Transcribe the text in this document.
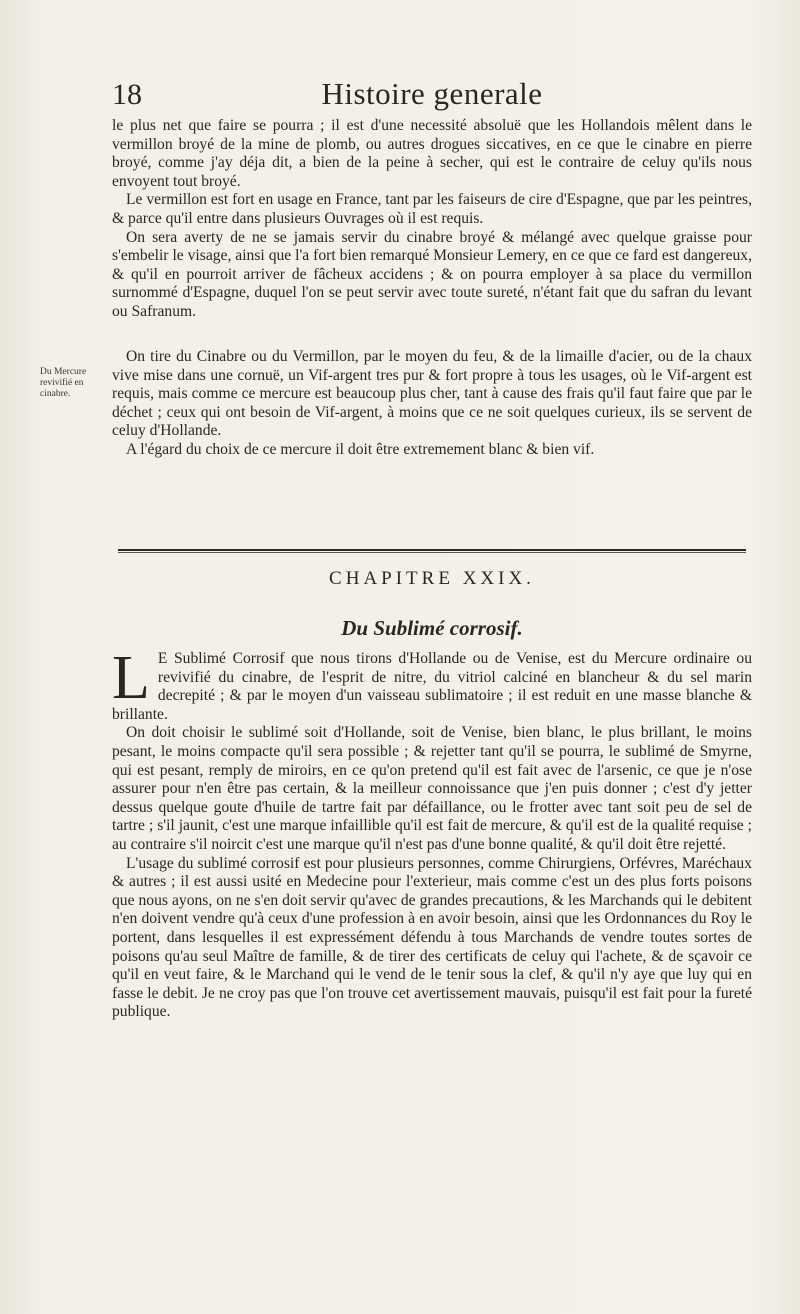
18	Histoire generale

le plus net que faire se pourra ; il est d'une necessité absoluë que les Hollandois mêlent dans le vermillon broyé de la mine de plomb, ou autres drogues siccatives, en ce que le cinabre en pierre broyé, comme j'ay déja dit, a bien de la peine à secher, qui est le contraire de celuy qu'ils nous envoyent tout broyé.

Le vermillon est fort en usage en France, tant par les faiseurs de cire d'Espagne, que par les peintres, & parce qu'il entre dans plusieurs Ouvrages où il est requis.

On sera averty de ne se jamais servir du cinabre broyé & mélangé avec quelque graisse pour s'embelir le visage, ainsi que l'a fort bien remarqué Monsieur Lemery, en ce que ce fard est dangereux, & qu'il en pourroit arriver de fâcheux accidens ; & on pourra employer à sa place du vermillon surnommé d'Espagne, duquel l'on se peut servir avec toute sureté, n'étant fait que du safran du levant ou Safranum.

Du Mercure revivifié en cinabre.

On tire du Cinabre ou du Vermillon, par le moyen du feu, & de la limaille d'acier, ou de la chaux vive mise dans une cornuë, un Vif-argent tres pur & fort propre à tous les usages, où le Vif-argent est requis, mais comme ce mercure est beaucoup plus cher, tant à cause des frais qu'il faut faire que par le déchet ; ceux qui ont besoin de Vif-argent, à moins que ce ne soit quelques curieux, ils se servent de celuy d'Hollande.

A l'égard du choix de ce mercure il doit être extremement blanc & bien vif.

CHAPITRE XXIX.
Du Sublimé corrosif.

L E Sublimé Corrosif que nous tirons d'Hollande ou de Venise, est du Mercure ordinaire ou revivifié du cinabre, de l'esprit de nitre, du vitriol calciné en blancheur & du sel marin decrepité ; & par le moyen d'un vaisseau sublimatoire ; il est reduit en une masse blanche & brillante.

On doit choisir le sublimé soit d'Hollande, soit de Venise, bien blanc, le plus brillant, le moins pesant, le moins compacte qu'il sera possible ; & rejetter tant qu'il se pourra, le sublimé de Smyrne, qui est pesant, remply de miroirs, en ce qu'on pretend qu'il est fait avec de l'arsenic, ce que je n'ose assurer pour n'en être pas certain, & la meilleur connoissance que j'en puis donner ; c'est d'y jetter dessus quelque goute d'huile de tartre fait par défaillance, ou le frotter avec tant soit peu de sel de tartre ; s'il jaunit, c'est une marque infaillible qu'il est fait de mercure, & qu'il est de la qualité requise ; au contraire s'il noircit c'est une marque qu'il n'est pas d'une bonne qualité, & qu'il doit être rejetté.

L'usage du sublimé corrosif est pour plusieurs personnes, comme Chirurgiens, Orfévres, Maréchaux & autres ; il est aussi usité en Medecine pour l'exterieur, mais comme c'est un des plus forts poisons que nous ayons, on ne s'en doit servir qu'avec de grandes precautions, & les Marchands qui le debitent n'en doivent vendre qu'à ceux d'une profession à en avoir besoin, ainsi que les Ordonnances du Roy le portent, dans lesquelles il est expressément défendu à tous Marchands de vendre toutes sortes de poisons qu'au seul Maître de famille, & de tirer des certificats de celuy qui l'achete, & de sçavoir ce qu'il en veut faire, & le Marchand qui le vend de le tenir sous la clef, & qu'il n'y aye que luy qui en fasse le debit. Je ne croy pas que l'on trouve cet avertissement mauvais, puisqu'il est fait pour la fureté publique.
